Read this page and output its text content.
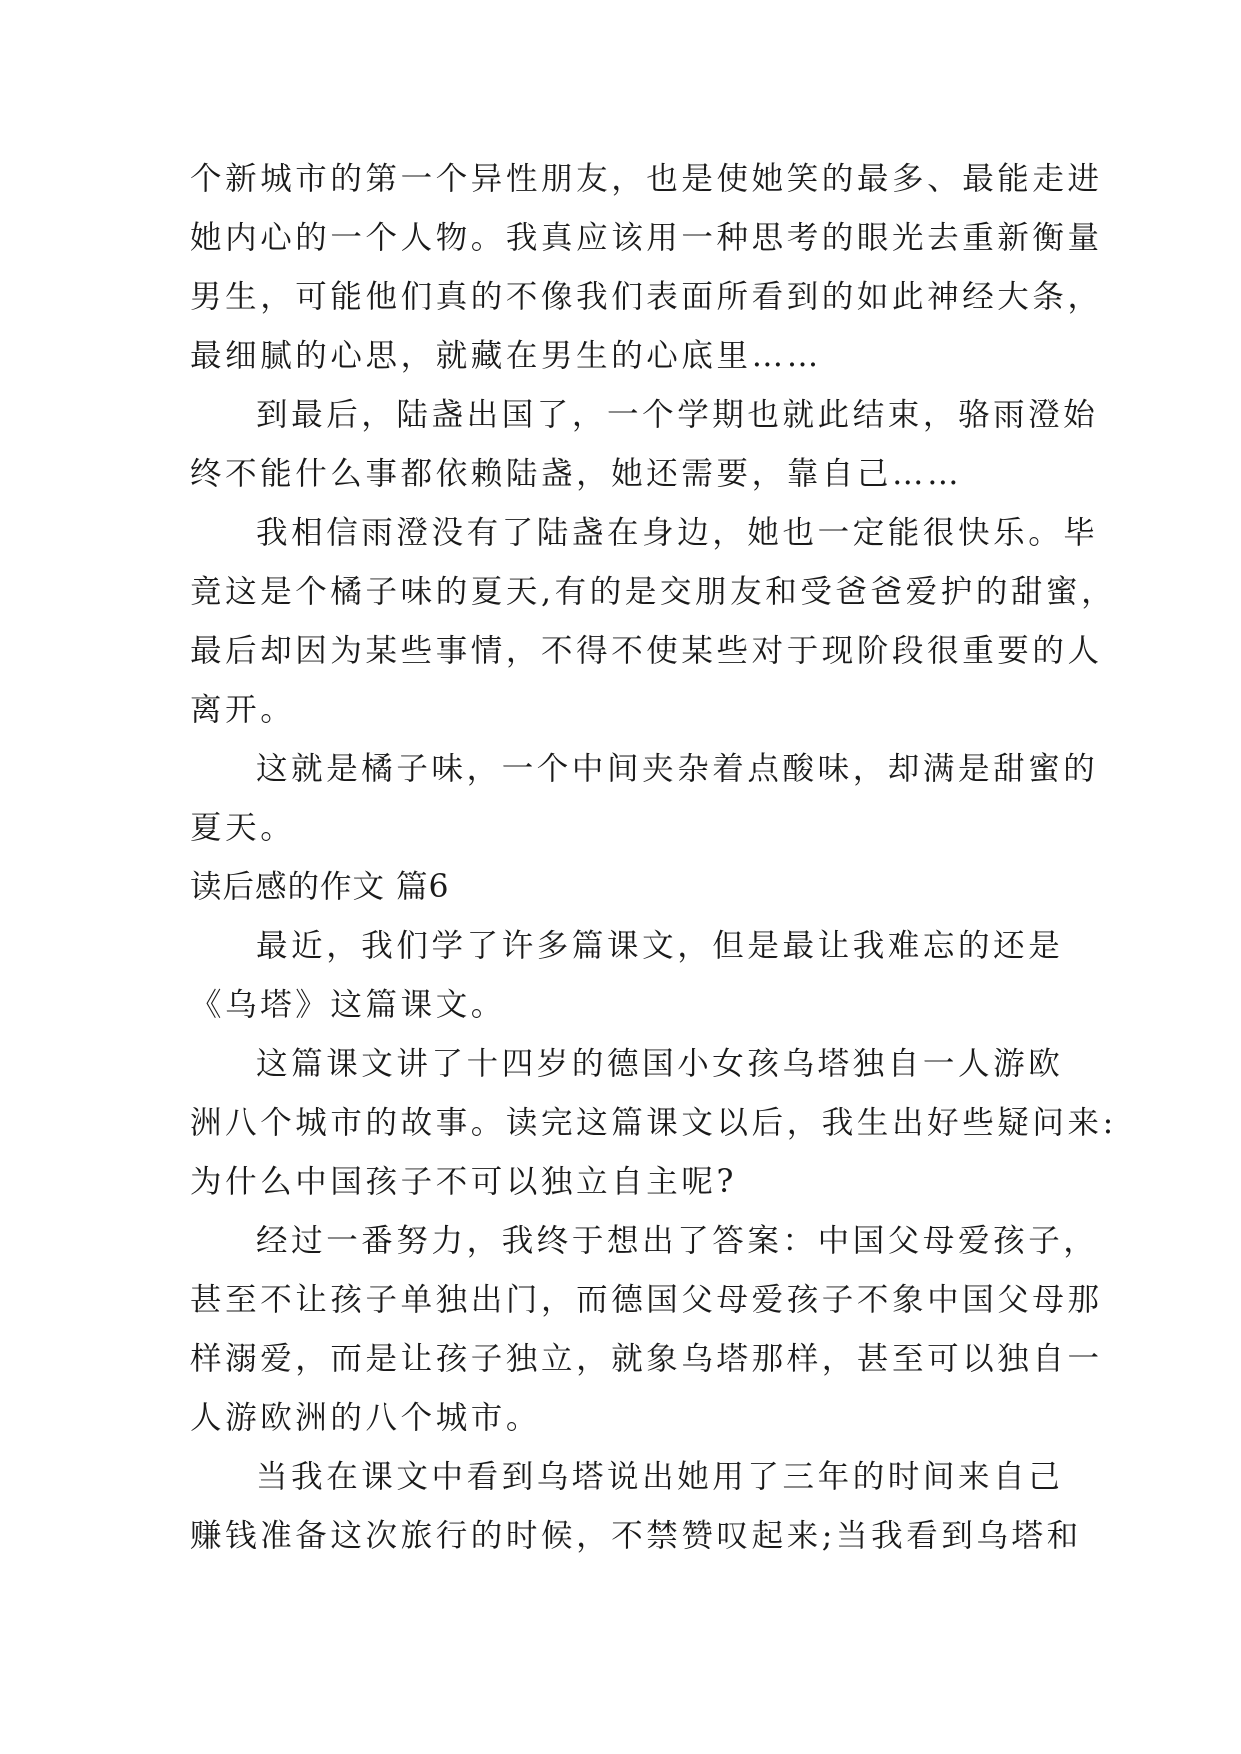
个新城市的第一个异性朋友，也是使她笑的最多、最能走进
她内心的一个人物。我真应该用一种思考的眼光去重新衡量
男生，可能他们真的不像我们表面所看到的如此神经大条，
最细腻的心思，就藏在男生的心底里……
到最后，陆盏出国了，一个学期也就此结束，骆雨澄始
终不能什么事都依赖陆盏，她还需要，靠自己……
我相信雨澄没有了陆盏在身边，她也一定能很快乐。毕
竟这是个橘子味的夏天,有的是交朋友和受爸爸爱护的甜蜜，
最后却因为某些事情，不得不使某些对于现阶段很重要的人
离开。
这就是橘子味，一个中间夹杂着点酸味，却满是甜蜜的
夏天。
读后感的作文 篇6
最近，我们学了许多篇课文，但是最让我难忘的还是
《乌塔》这篇课文。
这篇课文讲了十四岁的德国小女孩乌塔独自一人游欧
洲八个城市的故事。读完这篇课文以后，我生出好些疑问来:
为什么中国孩子不可以独立自主呢?
经过一番努力，我终于想出了答案：中国父母爱孩子，
甚至不让孩子单独出门，而德国父母爱孩子不象中国父母那
样溺爱，而是让孩子独立，就象乌塔那样，甚至可以独自一
人游欧洲的八个城市。
当我在课文中看到乌塔说出她用了三年的时间来自己
赚钱准备这次旅行的时候，不禁赞叹起来;当我看到乌塔和
